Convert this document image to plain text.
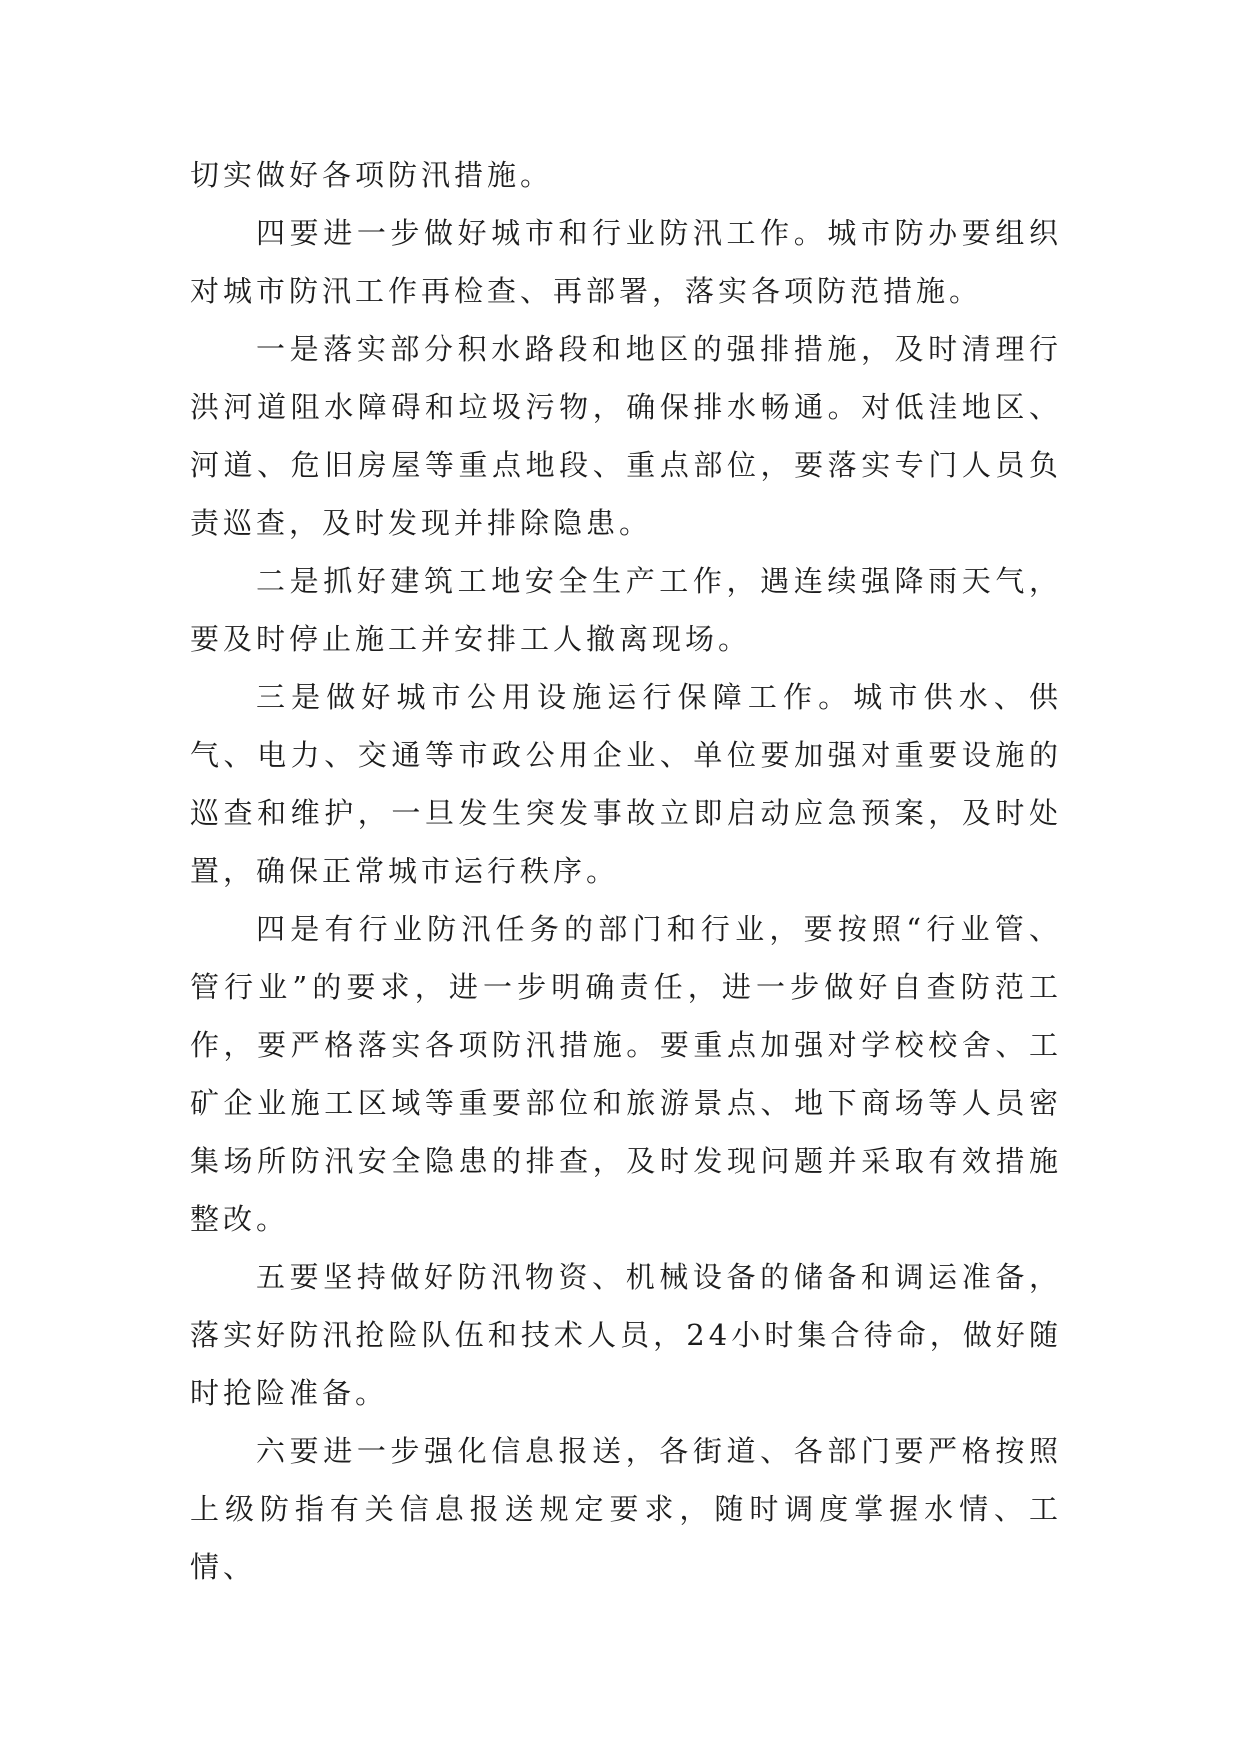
切实做好各项防汛措施。

四要进一步做好城市和行业防汛工作。城市防办要组织对城市防汛工作再检查、再部署，落实各项防范措施。

一是落实部分积水路段和地区的强排措施，及时清理行洪河道阻水障碍和垃圾污物，确保排水畅通。对低洼地区、河道、危旧房屋等重点地段、重点部位，要落实专门人员负责巡查，及时发现并排除隐患。

二是抓好建筑工地安全生产工作，遇连续强降雨天气，要及时停止施工并安排工人撤离现场。

三是做好城市公用设施运行保障工作。城市供水、供气、电力、交通等市政公用企业、单位要加强对重要设施的巡查和维护，一旦发生突发事故立即启动应急预案，及时处置，确保正常城市运行秩序。

四是有行业防汛任务的部门和行业，要按照“行业管、管行业”的要求，进一步明确责任，进一步做好自查防范工作，要严格落实各项防汛措施。要重点加强对学校校舍、工矿企业施工区域等重要部位和旅游景点、地下商场等人员密集场所防汛安全隐患的排查，及时发现问题并采取有效措施整改。

五要坚持做好防汛物资、机械设备的储备和调运准备，落实好防汛抢险队伍和技术人员，24小时集合待命，做好随时抢险准备。

六要进一步强化信息报送，各街道、各部门要严格按照上级防指有关信息报送规定要求，随时调度掌握水情、工情、
